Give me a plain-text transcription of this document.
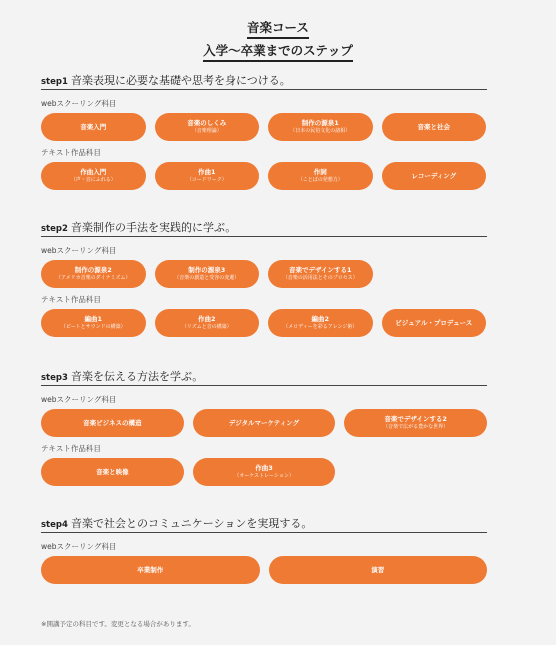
音楽コース
入学～卒業までのステップ
step1 音楽表現に必要な基礎や思考を身につける。
webスクーリング科目
音楽入門	音楽のしくみ
（音楽理論）
制作の源泉1
（日本の民俗文化の諸相）	音楽と社会
テキスト作品科目
作曲入門
（声・音にふれる）
作曲1
（コードワーク）
作詞
（ことばの発想力）	レコーディング
step2 音楽制作の手法を実践的に学ぶ。
webスクーリング科目
制作の源泉2
（アメリカ音楽のダイナミズム）
制作の源泉3
（音楽の創造と受容の変遷）
音楽でデザインする1
（音楽の活用法とそのプロセス）
テキスト作品科目
編曲1
（ビートとサウンドの構築）
作曲2
（リズムと音の構築）
編曲2
（メロディーを彩るアレンジ術）	ビジュアル・プロデュース
step3 音楽を伝える方法を学ぶ。
webスクーリング科目
音楽ビジネスの構造	デジタルマーケティング	音楽でデザインする2
（音楽で広がる豊かな世界）
テキスト作品科目
音楽と映像	作曲3
（オーケストレーション）
step4 音楽で社会とのコミュニケーションを実現する。
webスクーリング科目
卒業制作	演習
※開講予定の科目です。変更となる場合があります。
